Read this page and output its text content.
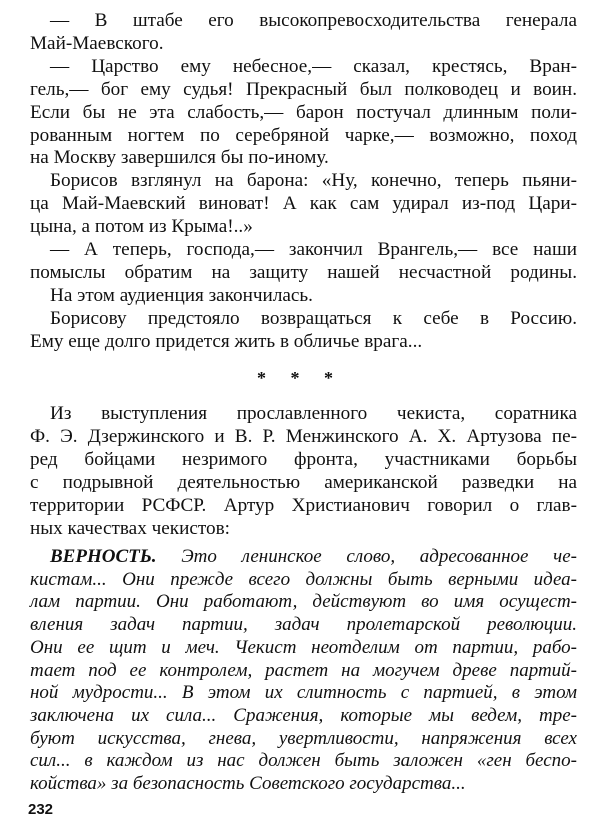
— В штабе его высокопревосходительства генерала
Май-Маевского.
— Царство ему небесное,— сказал, крестясь, Вран-
гель,— бог ему судья! Прекрасный был полководец и воин.
Если бы не эта слабость,— барон постучал длинным поли-
рованным ногтем по серебряной чарке,— возможно, поход
на Москву завершился бы по-иному.
Борисов взглянул на барона: «Ну, конечно, теперь пьяни-
ца Май-Маевский виноват! А как сам удирал из-под Цари-
цына, а потом из Крыма!..»
— А теперь, господа,— закончил Врангель,— все наши
помыслы обратим на защиту нашей несчастной родины.
На этом аудиенция закончилась.
Борисову предстояло возвращаться к себе в Россию.
Ему еще долго придется жить в обличье врага...
Из выступления прославленного чекиста, соратника
Ф. Э. Дзержинского и В. Р. Менжинского А. Х. Артузова пе-
ред бойцами незримого фронта, участниками борьбы
с подрывной деятельностью американской разведки на
территории РСФСР. Артур Христианович говорил о глав-
ных качествах чекистов:
* * *
ВЕРНОСТЬ. Это ленинское слово, адресованное че-
кистам... Они прежде всего должны быть верными идеа-
лам партии. Они работают, действуют во имя осущест-
вления задач партии, задач пролетарской революции.
Они ее щит и меч. Чекист неотделим от партии, рабо-
тает под ее контролем, растет на могучем древе партий-
ной мудрости... В этом их слитность с партией, в этом
заключена их сила... Сражения, которые мы ведем, тре-
буют искусства, гнева, увертливости, напряжения всех
сил... в каждом из нас должен быть заложен «ген беспо-
койства» за безопасность Советского государства...
232
